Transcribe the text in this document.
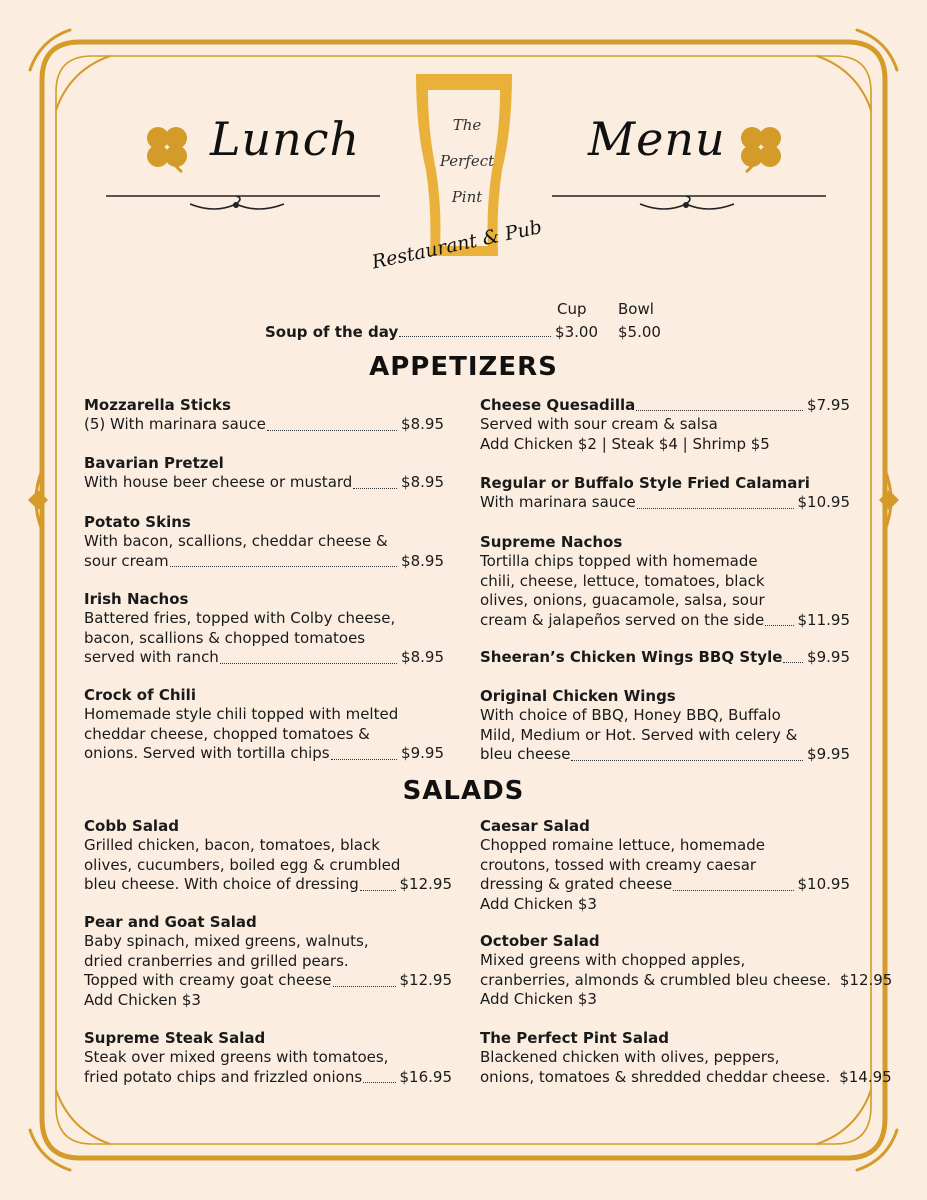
Lunch	Menu
The
Perfect
Pint
Restaurant & Pub
Cup Bowl
Soup of the day	$3.00 $5.00
APPETIZERS
SALADS
Mozzarella Sticks
(5) With marinara sauce	$8.95
Bavarian Pretzel
With house beer cheese or mustard	$8.95
Potato Skins
With bacon, scallions, cheddar cheese &
sour cream	$8.95
Irish Nachos
Battered fries, topped with Colby cheese,
bacon, scallions & chopped tomatoes
served with ranch	$8.95
Crock of Chili
Homemade style chili topped with melted
cheddar cheese, chopped tomatoes &
onions. Served with tortilla chips	$9.95
Cheese Quesadilla	$7.95
Served with sour cream & salsa
Add Chicken $2 | Steak $4 | Shrimp $5
Regular or Buffalo Style Fried Calamari
With marinara sauce	$10.95
Supreme Nachos
Tortilla chips topped with homemade
chili, cheese, lettuce, tomatoes, black
olives, onions, guacamole, salsa, sour
cream & jalapeños served on the side $11.95
Sheeran’s Chicken Wings BBQ Style $9.95
Original Chicken Wings
With choice of BBQ, Honey BBQ, Buffalo
Mild, Medium or Hot. Served with celery &
bleu cheese	$9.95
Cobb Salad
Grilled chicken, bacon, tomatoes, black
olives, cucumbers, boiled egg & crumbled
bleu cheese. With choice of dressing	$12.95
Pear and Goat Salad
Baby spinach, mixed greens, walnuts,
dried cranberries and grilled pears.
Topped with creamy goat cheese	$12.95
Add Chicken $3
Supreme Steak Salad
Steak over mixed greens with tomatoes,
fried potato chips and frizzled onions $16.95
Caesar Salad
Chopped romaine lettuce, homemade
croutons, tossed with creamy caesar
dressing & grated cheese	$10.95
Add Chicken $3
October Salad
Mixed greens with chopped apples,
cranberries, almonds & crumbled bleu cheese. $12.95
Add Chicken $3
The Perfect Pint Salad
Blackened chicken with olives, peppers,
onions, tomatoes & shredded cheddar cheese. $14.95
